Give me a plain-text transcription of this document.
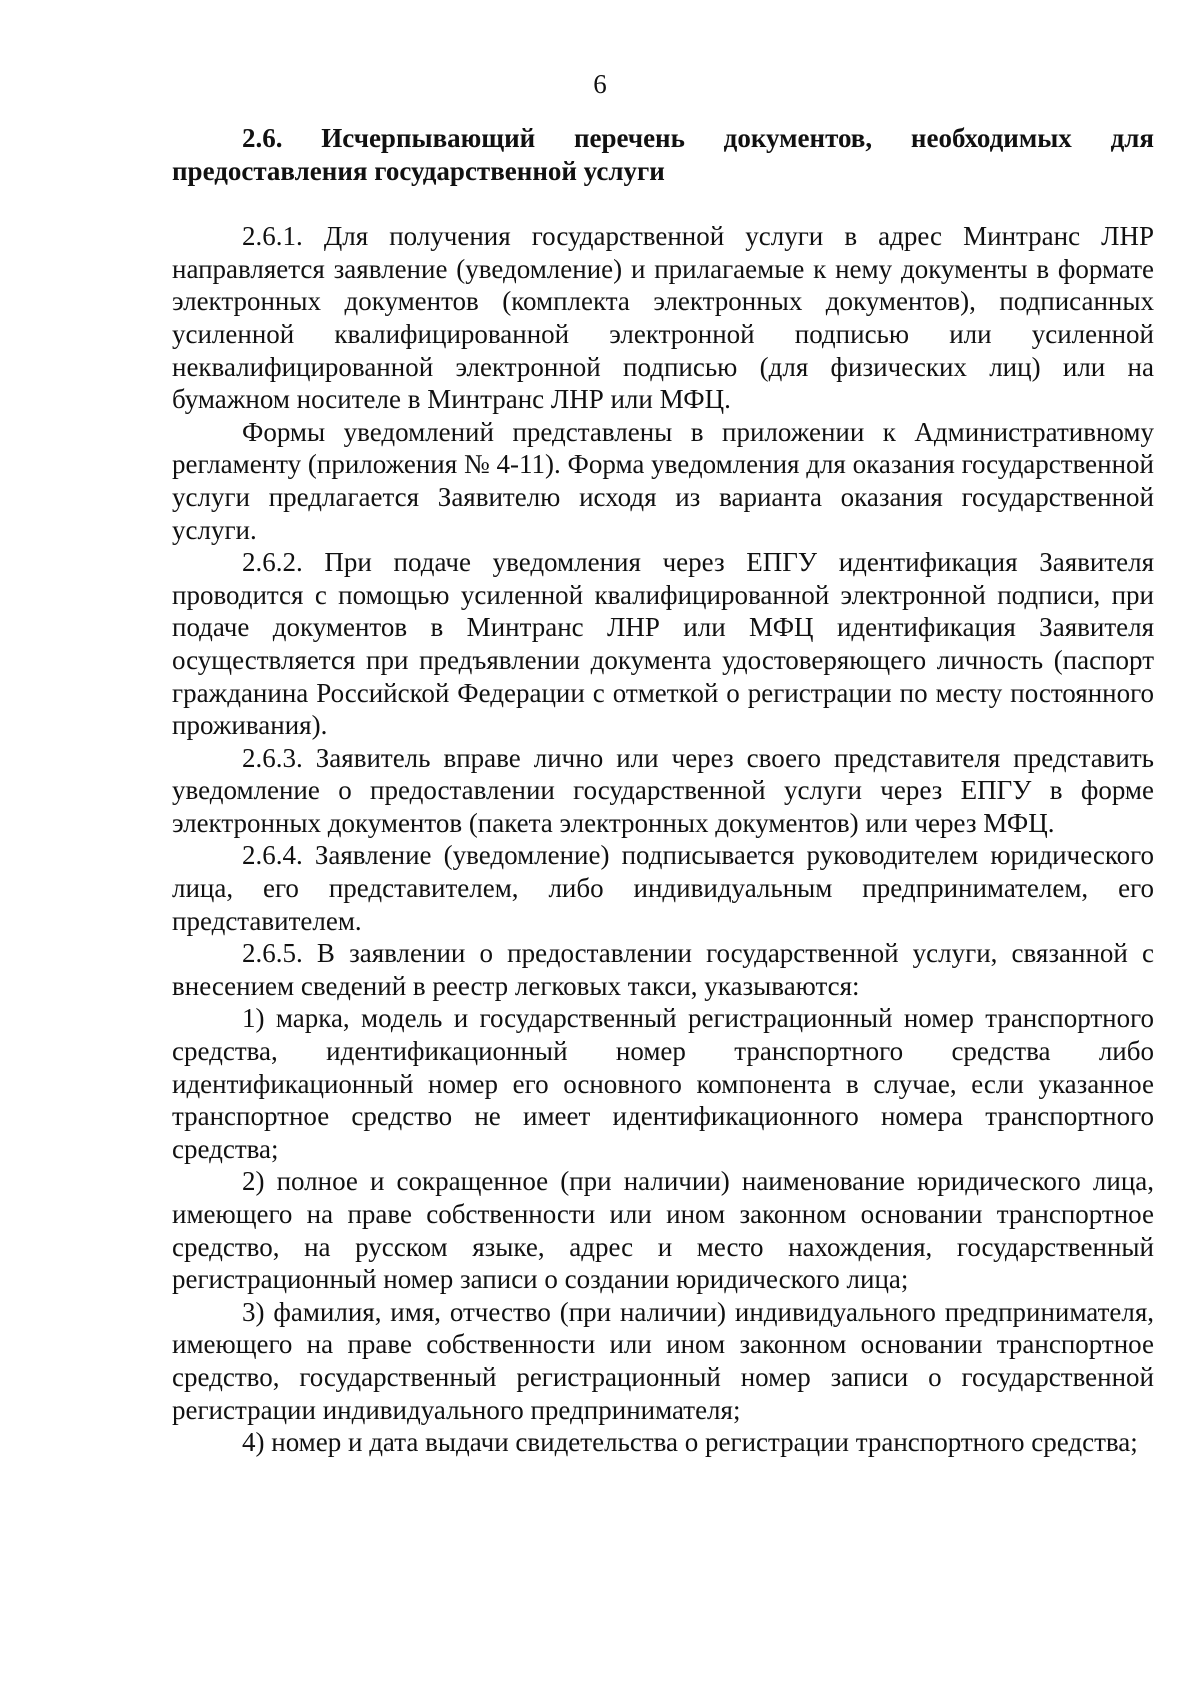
6

2.6. Исчерпывающий перечень документов, необходимых для предоставления государственной услуги

2.6.1. Для получения государственной услуги в адрес Минтранс ЛНР направляется заявление (уведомление) и прилагаемые к нему документы в формате электронных документов (комплекта электронных документов), подписанных усиленной квалифицированной электронной подписью или усиленной неквалифицированной электронной подписью (для физических лиц) или на бумажном носителе в Минтранс ЛНР или МФЦ.

Формы уведомлений представлены в приложении к Административному регламенту (приложения № 4-11). Форма уведомления для оказания государственной услуги предлагается Заявителю исходя из варианта оказания государственной услуги.

2.6.2. При подаче уведомления через ЕПГУ идентификация Заявителя проводится с помощью усиленной квалифицированной электронной подписи, при подаче документов в Минтранс ЛНР или МФЦ идентификация Заявителя осуществляется при предъявлении документа удостоверяющего личность (паспорт гражданина Российской Федерации с отметкой о регистрации по месту постоянного проживания).

2.6.3. Заявитель вправе лично или через своего представителя представить уведомление о предоставлении государственной услуги через ЕПГУ в форме электронных документов (пакета электронных документов) или через МФЦ.

2.6.4. Заявление (уведомление) подписывается руководителем юридического лица, его представителем, либо индивидуальным предпринимателем, его представителем.

2.6.5. В заявлении о предоставлении государственной услуги, связанной с внесением сведений в реестр легковых такси, указываются:

1) марка, модель и государственный регистрационный номер транспортного средства, идентификационный номер транспортного средства либо идентификационный номер его основного компонента в случае, если указанное транспортное средство не имеет идентификационного номера транспортного средства;

2) полное и сокращенное (при наличии) наименование юридического лица, имеющего на праве собственности или ином законном основании транспортное средство, на русском языке, адрес и место нахождения, государственный регистрационный номер записи о создании юридического лица;

3) фамилия, имя, отчество (при наличии) индивидуального предпринимателя, имеющего на праве собственности или ином законном основании транспортное средство, государственный регистрационный номер записи о государственной регистрации индивидуального предпринимателя;

4) номер и дата выдачи свидетельства о регистрации транспортного средства;
